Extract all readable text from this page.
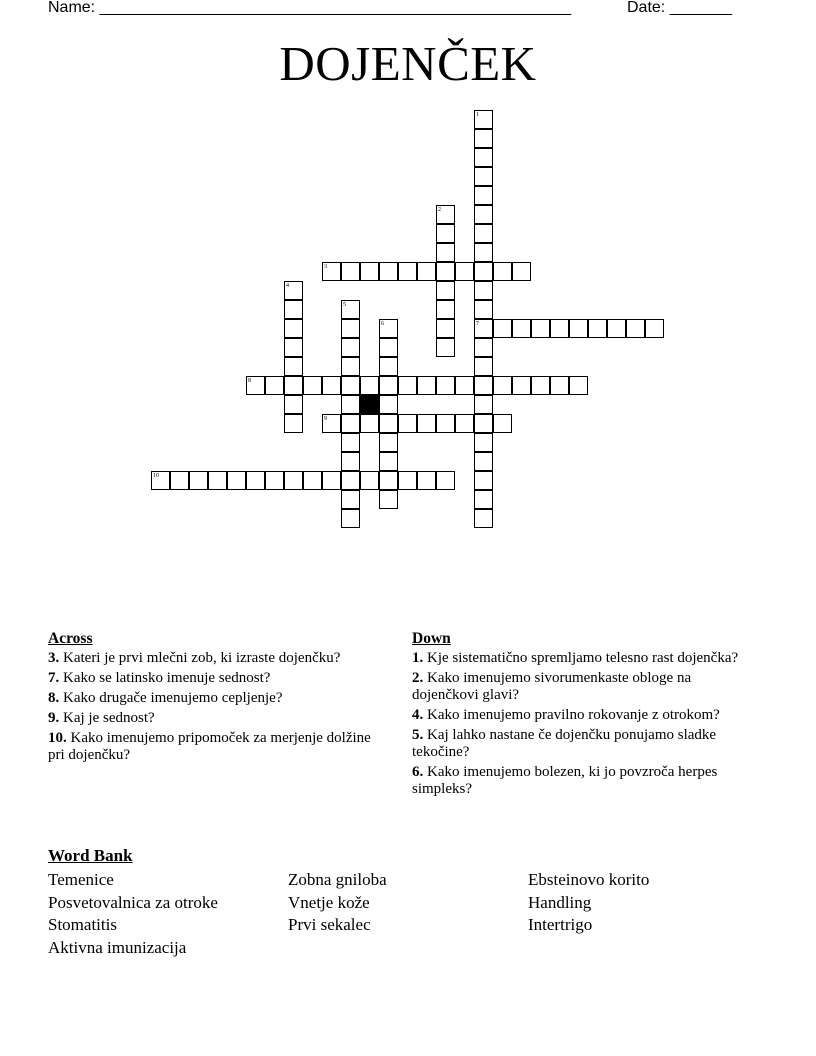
Name: _____________________________________________________	Date: _______
DOJENČEK
1
2
3
4
5
6	7
8
9
10
Across
3. Kateri je prvi mlečni zob, ki izraste dojenčku?
7. Kako se latinsko imenuje sednost?
8. Kako drugače imenujemo cepljenje?
9. Kaj je sednost?
10. Kako imenujemo pripomoček za merjenje dolžine pri dojenčku?
Down
1. Kje sistematično spremljamo telesno rast dojenčka?
2. Kako imenujemo sivorumenkaste obloge na dojenčkovi glavi?
4. Kako imenujemo pravilno rokovanje z otrokom?
5. Kaj lahko nastane če dojenčku ponujamo sladke tekočine?
6. Kako imenujemo bolezen, ki jo povzroča herpes simpleks?
Word Bank
Temenice	Zobna gniloba	Ebsteinovo korito
Posvetovalnica za otroke	Vnetje kože	Handling
Stomatitis	Prvi sekalec	Intertrigo
Aktivna imunizacija
